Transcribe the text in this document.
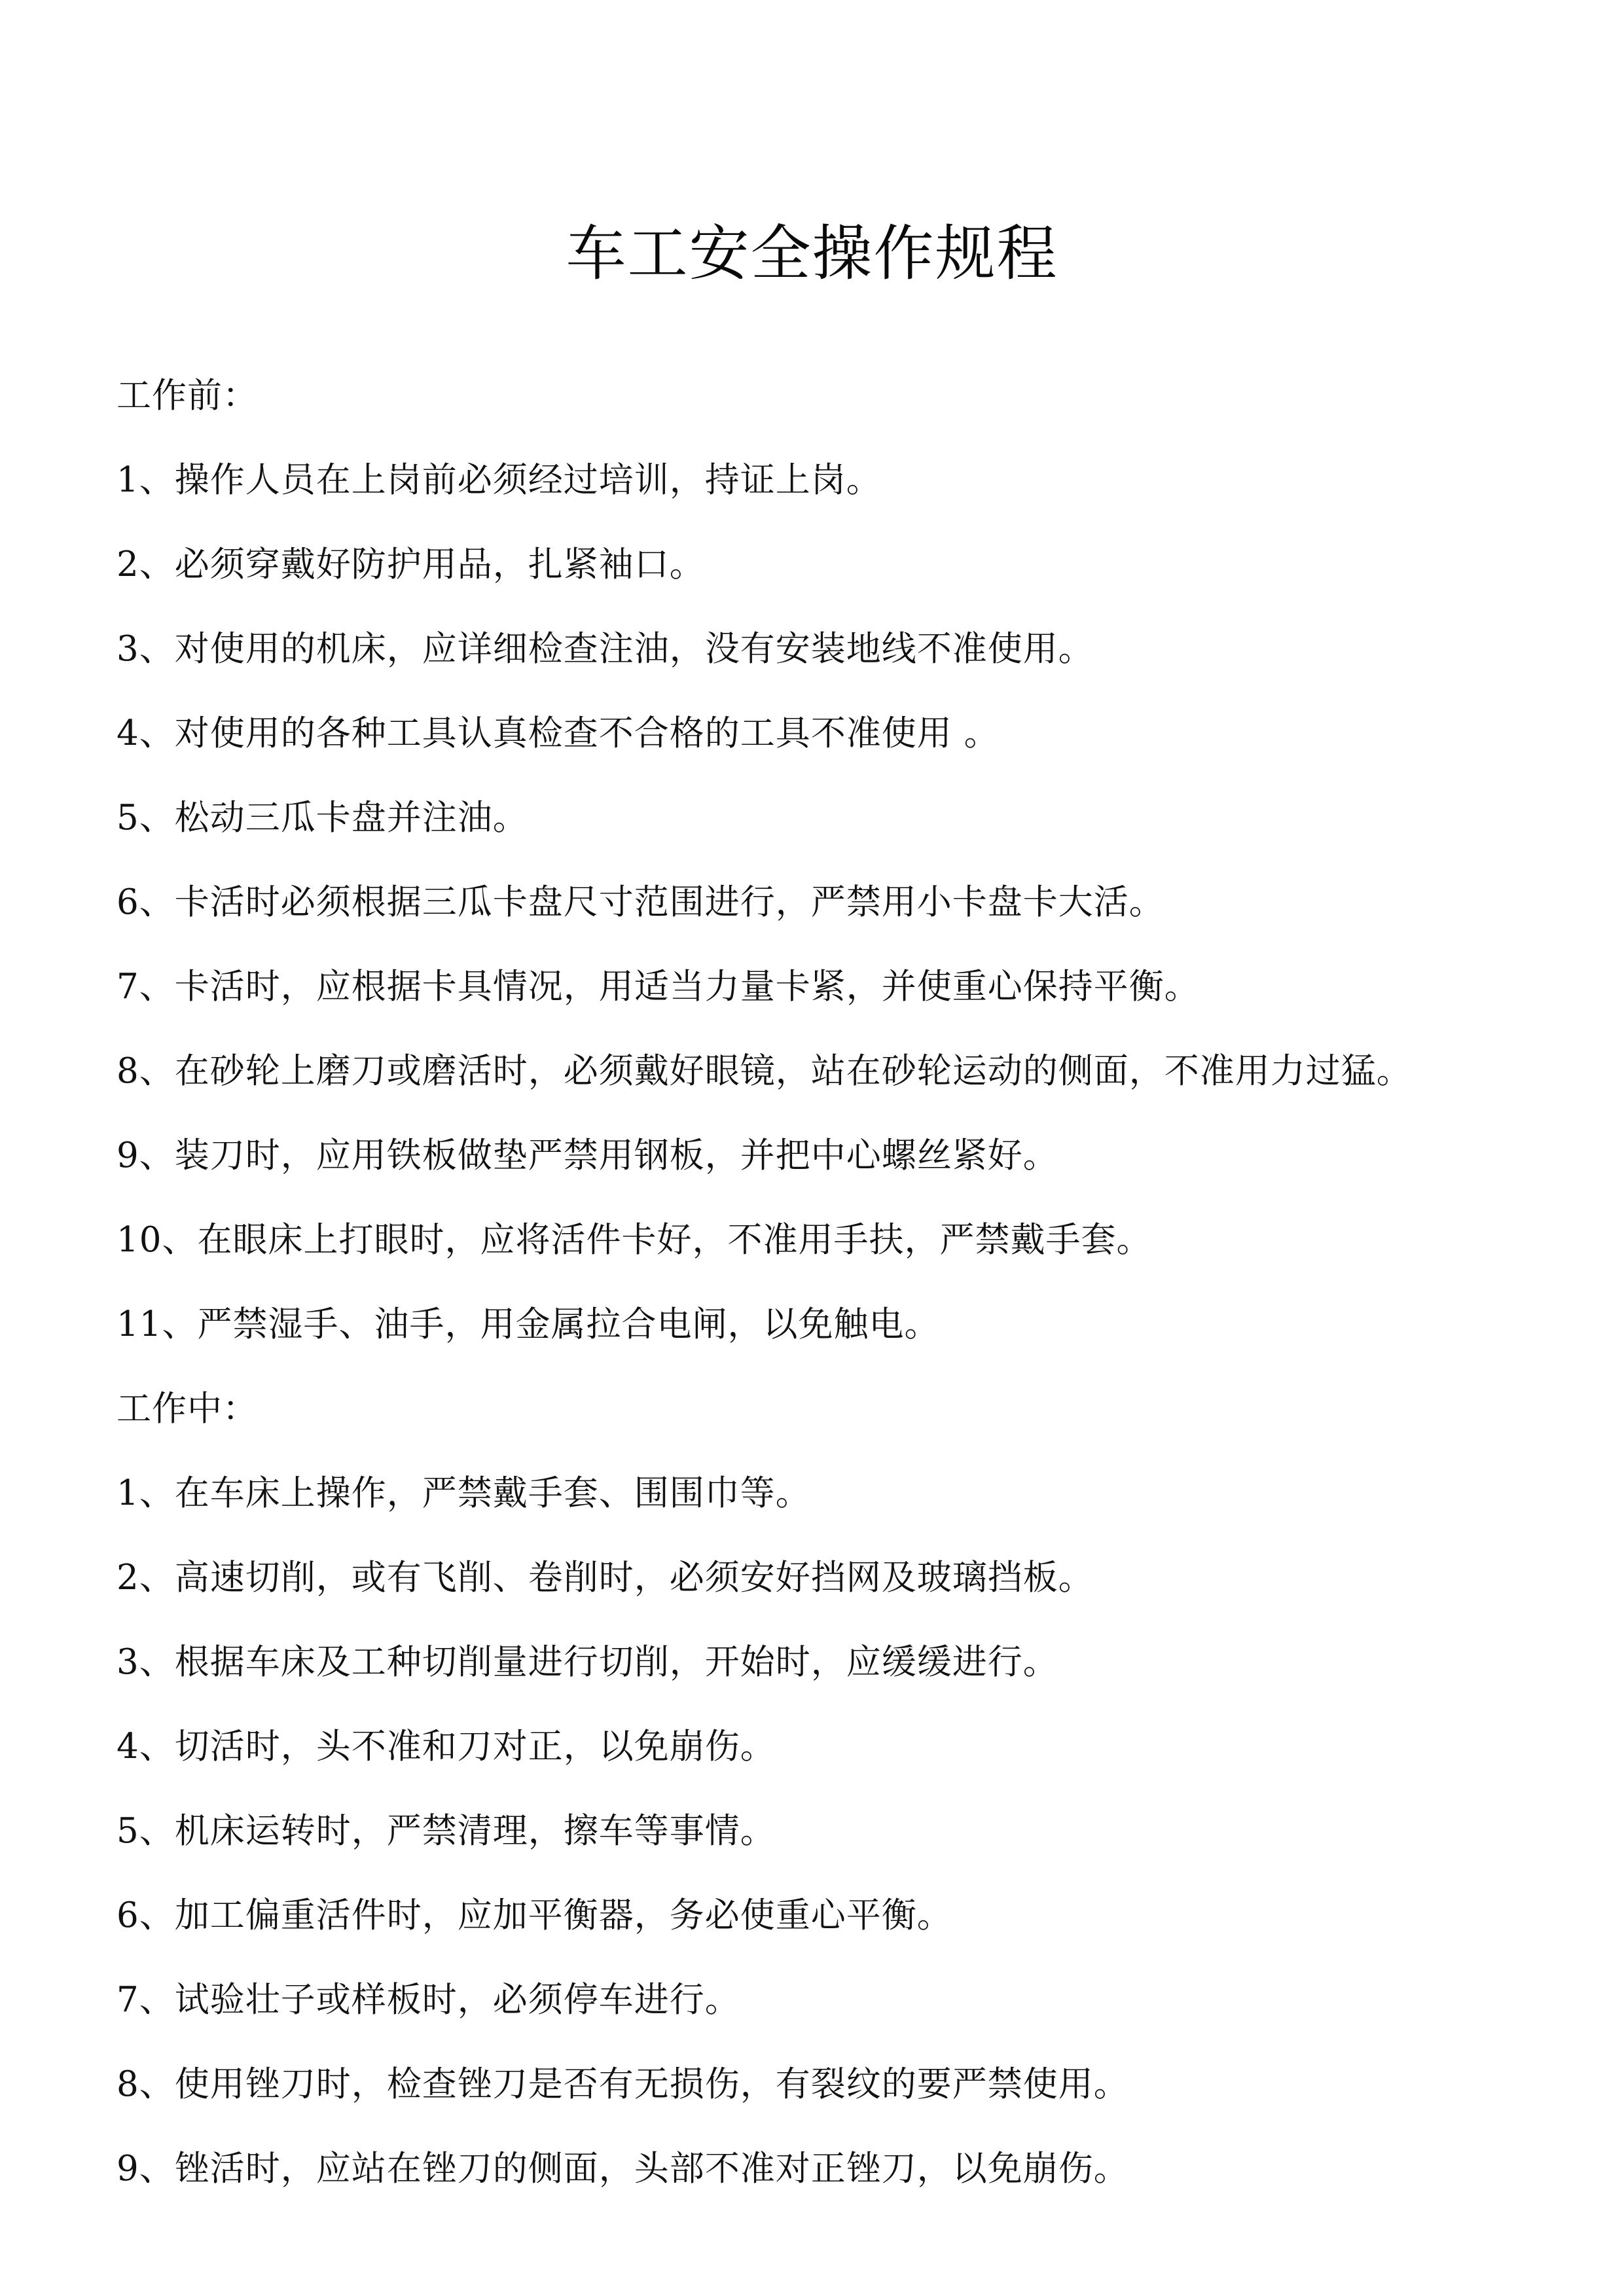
车工安全操作规程
工作前：
1、操作人员在上岗前必须经过培训，持证上岗。
2、必须穿戴好防护用品，扎紧袖口。
3、对使用的机床，应详细检查注油，没有安装地线不准使用。
4、对使用的各种工具认真检查不合格的工具不准使用 。
5、松动三瓜卡盘并注油。
6、卡活时必须根据三瓜卡盘尺寸范围进行，严禁用小卡盘卡大活。
7、卡活时，应根据卡具情况，用适当力量卡紧，并使重心保持平衡。
8、在砂轮上磨刀或磨活时，必须戴好眼镜，站在砂轮运动的侧面，不准用力过猛。
9、装刀时，应用铁板做垫严禁用钢板，并把中心螺丝紧好。
10、在眼床上打眼时，应将活件卡好，不准用手扶，严禁戴手套。
11、严禁湿手、油手，用金属拉合电闸，以免触电。
工作中：
1、在车床上操作，严禁戴手套、围围巾等。
2、高速切削，或有飞削、卷削时，必须安好挡网及玻璃挡板。
3、根据车床及工种切削量进行切削，开始时，应缓缓进行。
4、切活时，头不准和刀对正，以免崩伤。
5、机床运转时，严禁清理，擦车等事情。
6、加工偏重活件时，应加平衡器，务必使重心平衡。
7、试验壮子或样板时，必须停车进行。
8、使用锉刀时，检查锉刀是否有无损伤，有裂纹的要严禁使用。
9、锉活时，应站在锉刀的侧面，头部不准对正锉刀，以免崩伤。
